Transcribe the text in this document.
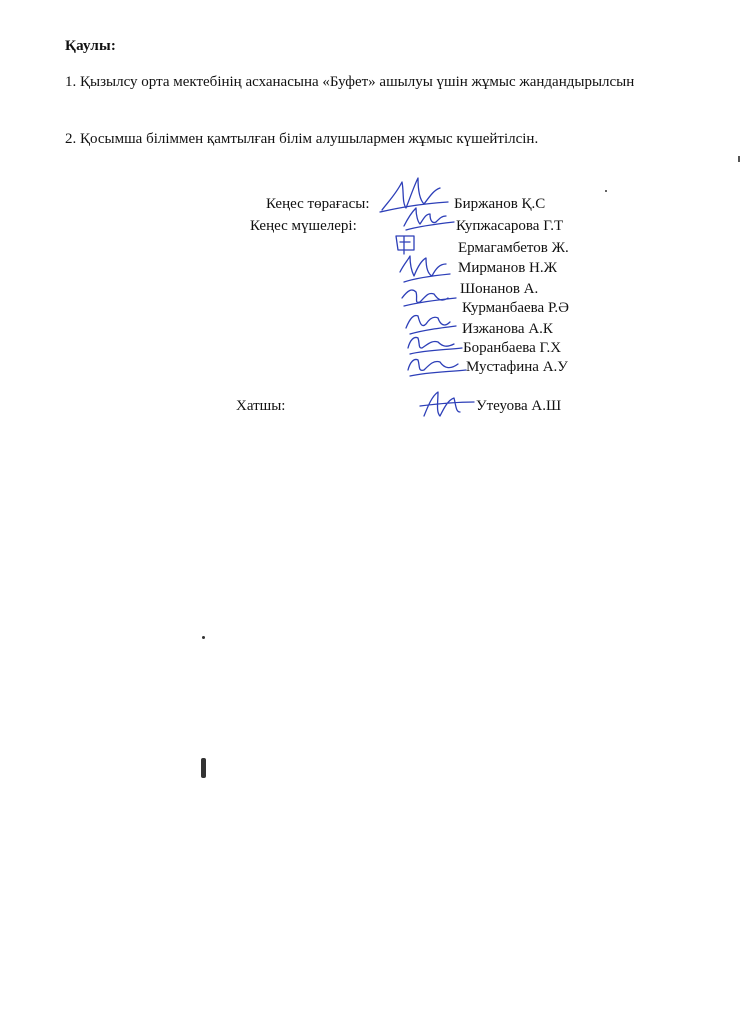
Қаулы:
1. Қызылсу орта мектебінің асханасына «Буфет» ашылуы үшін жұмыс жандандырылсын
2. Қосымша біліммен қамтылған білім алушылармен жұмыс күшейтілсін.
Кеңес төрағасы:	Биржанов Қ.С
Кеңес мүшелері:	Купжасарова Г.Т
Ермагамбетов Ж.
Мирманов Н.Ж
Шонанов А.
Курманбаева Р.Ә
Изжанова А.К
Боранбаева Г.Х
Мустафина А.У
Хатшы:	Утеуова А.Ш
